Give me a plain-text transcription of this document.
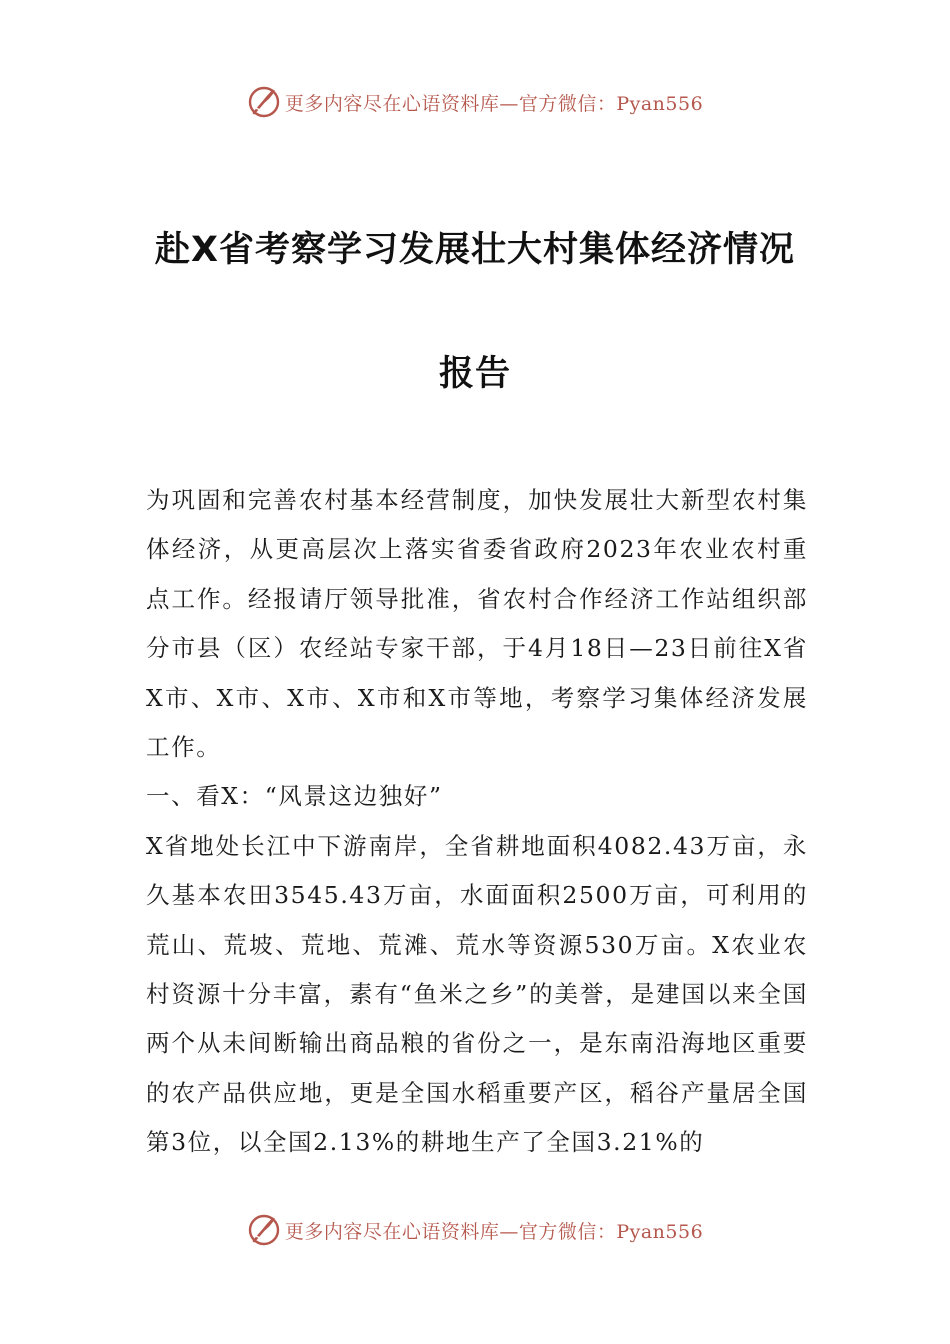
更多内容尽在心语资料库—官方微信：Pyan556
赴X省考察学习发展壮大村集体经济情况
报告

为巩固和完善农村基本经营制度，加快发展壮大新型农村集体经济，从更高层次上落实省委省政府2023年农业农村重点工作。经报请厅领导批准，省农村合作经济工作站组织部分市县（区）农经站专家干部，于4月18日—23日前往X省X市、X市、X市、X市和X市等地，考察学习集体经济发展工作。

一、看X：“风景这边独好”

X省地处长江中下游南岸，全省耕地面积4082.43万亩，永久基本农田3545.43万亩，水面面积2500万亩，可利用的荒山、荒坡、荒地、荒滩、荒水等资源530万亩。X农业农村资源十分丰富，素有“鱼米之乡”的美誉，是建国以来全国两个从未间断输出商品粮的省份之一，是东南沿海地区重要的农产品供应地，更是全国水稻重要产区，稻谷产量居全国第3位，以全国2.13%的耕地生产了全国3.21%的

更多内容尽在心语资料库—官方微信：Pyan556
